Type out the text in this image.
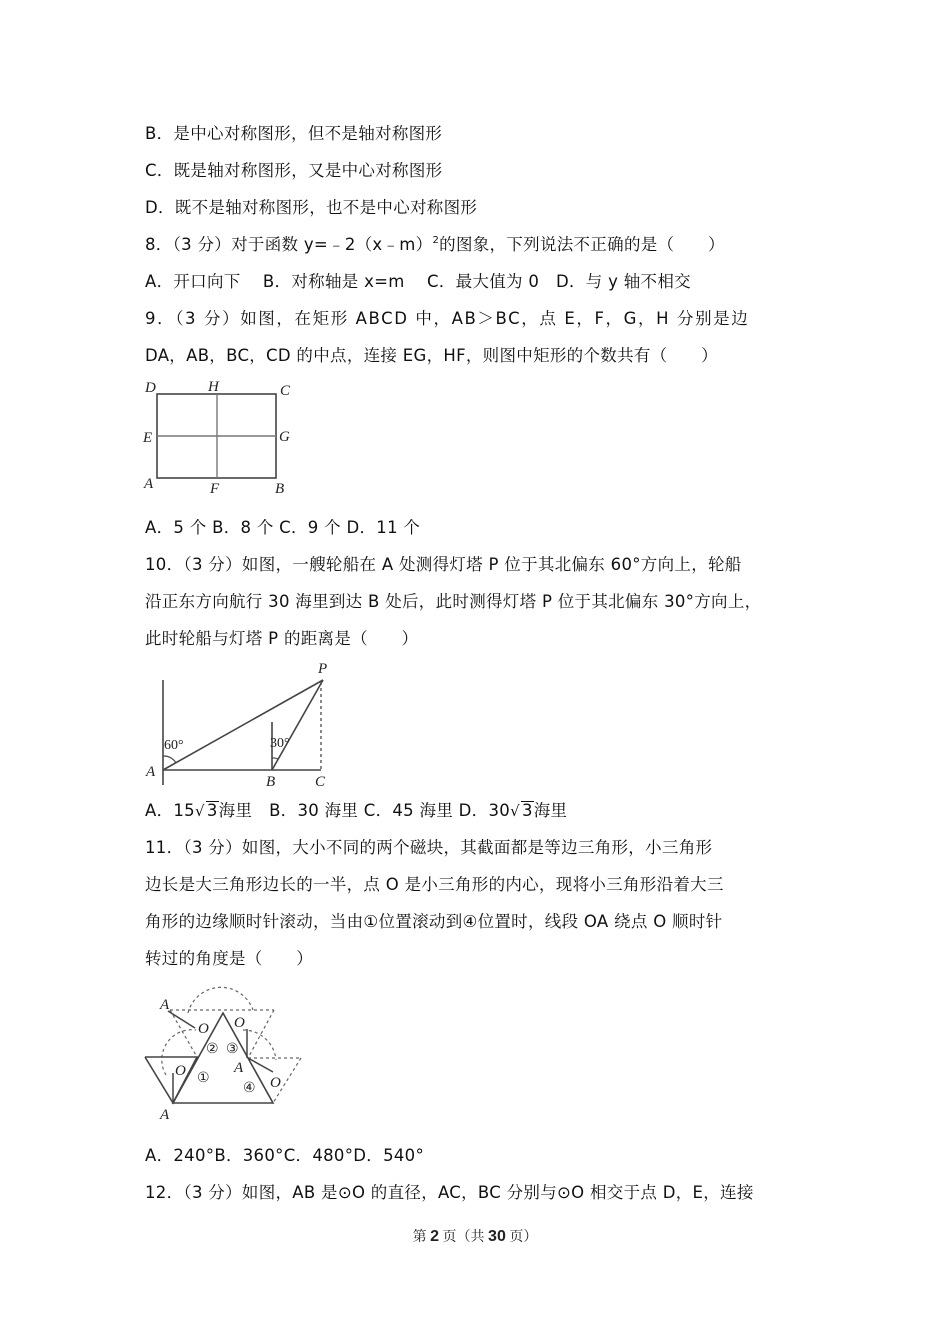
B．是中心对称图形，但不是轴对称图形
C．既是轴对称图形，又是中心对称图形
D．既不是轴对称图形，也不是中心对称图形
8．（3 分）对于函数 y=﹣2（x﹣m）$^2$的图象，下列说法不正确的是（　　）
A．开口向下　 B．对称轴是 x=m　 C．最大值为 0　D．与 y 轴不相交
9．（3 分）如图，在矩形 ABCD 中，AB＞BC，点 E，F，G，H 分别是边
DA，AB，BC，CD 的中点，连接 EG，HF，则图中矩形的个数共有（　　）
D	H	C
E	G
A	F	B
A．5 个 B．8 个 C．9 个 D．11 个
10．（3 分）如图，一艘轮船在 A 处测得灯塔 P 位于其北偏东 60°方向上，轮船
沿正东方向航行 30 海里到达 B 处后，此时测得灯塔 P 位于其北偏东 30°方向上，
此时轮船与灯塔 P 的距离是（　　）
60°	30°
P
A
B	C
A．15√ 3海里　B．30 海里 C．45 海里 D．30√ 3海里
11．（3 分）如图，大小不同的两个磁块，其截面都是等边三角形，小三角形
边长是大三角形边长的一半，点 O 是小三角形的内心，现将小三角形沿着大三
角形的边缘顺时针滚动，当由①位置滚动到④位置时，线段 OA 绕点 O 顺时针
转过的角度是（　　）
A
A
A
O O
O
O
② ③
①
④
A．240°B．360°C．480°D．540°
12．（3 分）如图，AB 是⊙O 的直径，AC，BC 分别与⊙O 相交于点 D，E，连接
第 2 页（共 30 页）
